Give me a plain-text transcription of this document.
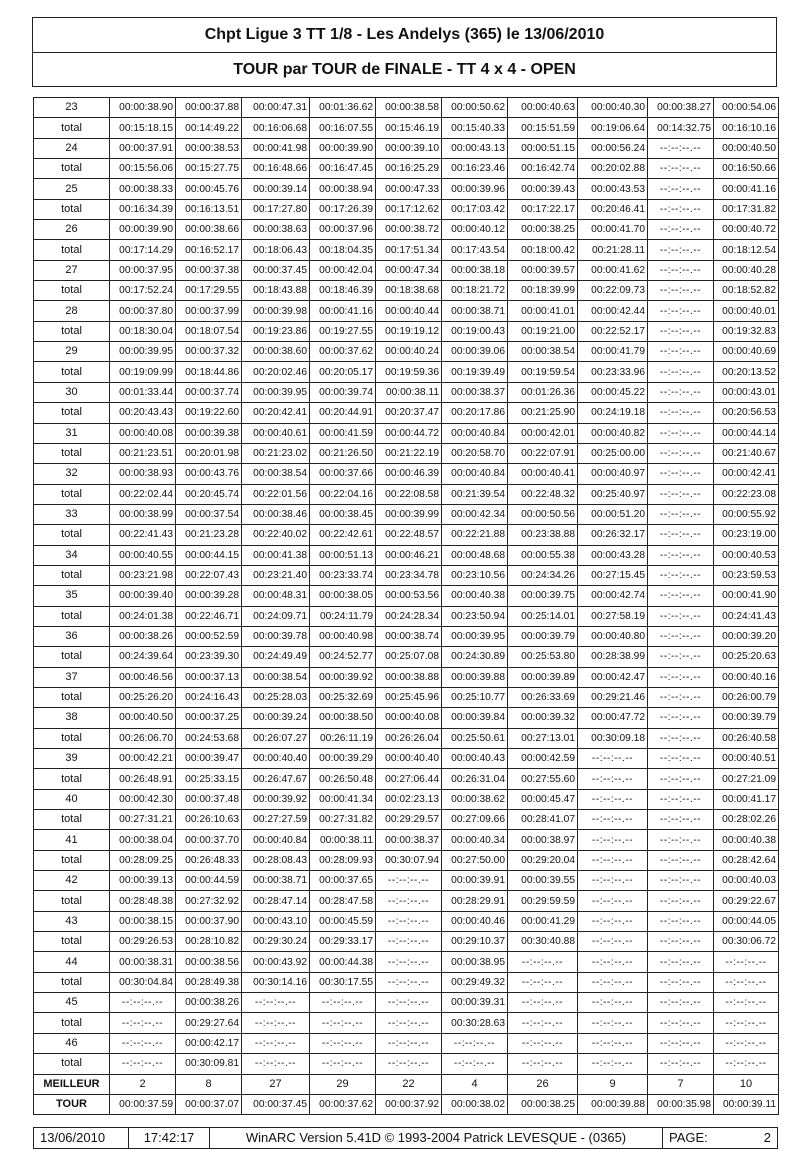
Chpt Ligue 3 TT 1/8 - Les Andelys (365) le 13/06/2010
TOUR par TOUR de FINALE - TT 4 x 4 - OPEN
23	00:00:38.90	00:00:37.88	00:00:47.31	00:01:36.62	00:00:38.58	00:00:50.62	00:00:40.63	00:00:40.30	00:00:38.27	00:00:54.06
total	00:15:18.15	00:14:49.22	00:16:06.68	00:16:07.55	00:15:46.19	00:15:40.33	00:15:51.59	00:19:06.64	00:14:32.75	00:16:10.16
24	00:00:37.91	00:00:38.53	00:00:41.98	00:00:39.90	00:00:39.10	00:00:43.13	00:00:51.15	00:00:56.24	--:--:--.--	00:00:40.50
total	00:15:56.06	00:15:27.75	00:16:48.66	00:16:47.45	00:16:25.29	00:16:23.46	00:16:42.74	00:20:02.88	--:--:--.--	00:16:50.66
25	00:00:38.33	00:00:45.76	00:00:39.14	00:00:38.94	00:00:47.33	00:00:39.96	00:00:39.43	00:00:43.53	--:--:--.--	00:00:41.16
total	00:16:34.39	00:16:13.51	00:17:27.80	00:17:26.39	00:17:12.62	00:17:03.42	00:17:22.17	00:20:46.41	--:--:--.--	00:17:31.82
26	00:00:39.90	00:00:38.66	00:00:38.63	00:00:37.96	00:00:38.72	00:00:40.12	00:00:38.25	00:00:41.70	--:--:--.--	00:00:40.72
total	00:17:14.29	00:16:52.17	00:18:06.43	00:18:04.35	00:17:51.34	00:17:43.54	00:18:00.42	00:21:28.11	--:--:--.--	00:18:12.54
27	00:00:37.95	00:00:37.38	00:00:37.45	00:00:42.04	00:00:47.34	00:00:38.18	00:00:39.57	00:00:41.62	--:--:--.--	00:00:40.28
total	00:17:52.24	00:17:29.55	00:18:43.88	00:18:46.39	00:18:38.68	00:18:21.72	00:18:39.99	00:22:09.73	--:--:--.--	00:18:52.82
28	00:00:37.80	00:00:37.99	00:00:39.98	00:00:41.16	00:00:40.44	00:00:38.71	00:00:41.01	00:00:42.44	--:--:--.--	00:00:40.01
total	00:18:30.04	00:18:07.54	00:19:23.86	00:19:27.55	00:19:19.12	00:19:00.43	00:19:21.00	00:22:52.17	--:--:--.--	00:19:32.83
29	00:00:39.95	00:00:37.32	00:00:38.60	00:00:37.62	00:00:40.24	00:00:39.06	00:00:38.54	00:00:41.79	--:--:--.--	00:00:40.69
total	00:19:09.99	00:18:44.86	00:20:02.46	00:20:05.17	00:19:59.36	00:19:39.49	00:19:59.54	00:23:33.96	--:--:--.--	00:20:13.52
30	00:01:33.44	00:00:37.74	00:00:39.95	00:00:39.74	00:00:38.11	00:00:38.37	00:01:26.36	00:00:45.22	--:--:--.--	00:00:43.01
total	00:20:43.43	00:19:22.60	00:20:42.41	00:20:44.91	00:20:37.47	00:20:17.86	00:21:25.90	00:24:19.18	--:--:--.--	00:20:56.53
31	00:00:40.08	00:00:39.38	00:00:40.61	00:00:41.59	00:00:44.72	00:00:40.84	00:00:42.01	00:00:40.82	--:--:--.--	00:00:44.14
total	00:21:23.51	00:20:01.98	00:21:23.02	00:21:26.50	00:21:22.19	00:20:58.70	00:22:07.91	00:25:00.00	--:--:--.--	00:21:40.67
32	00:00:38.93	00:00:43.76	00:00:38.54	00:00:37.66	00:00:46.39	00:00:40.84	00:00:40.41	00:00:40.97	--:--:--.--	00:00:42.41
total	00:22:02.44	00:20:45.74	00:22:01.56	00:22:04.16	00:22:08.58	00:21:39.54	00:22:48.32	00:25:40.97	--:--:--.--	00:22:23.08
33	00:00:38.99	00:00:37.54	00:00:38.46	00:00:38.45	00:00:39.99	00:00:42.34	00:00:50.56	00:00:51.20	--:--:--.--	00:00:55.92
total	00:22:41.43	00:21:23.28	00:22:40.02	00:22:42.61	00:22:48.57	00:22:21.88	00:23:38.88	00:26:32.17	--:--:--.--	00:23:19.00
34	00:00:40.55	00:00:44.15	00:00:41.38	00:00:51.13	00:00:46.21	00:00:48.68	00:00:55.38	00:00:43.28	--:--:--.--	00:00:40.53
total	00:23:21.98	00:22:07.43	00:23:21.40	00:23:33.74	00:23:34.78	00:23:10.56	00:24:34.26	00:27:15.45	--:--:--.--	00:23:59.53
35	00:00:39.40	00:00:39.28	00:00:48.31	00:00:38.05	00:00:53.56	00:00:40.38	00:00:39.75	00:00:42.74	--:--:--.--	00:00:41.90
total	00:24:01.38	00:22:46.71	00:24:09.71	00:24:11.79	00:24:28.34	00:23:50.94	00:25:14.01	00:27:58.19	--:--:--.--	00:24:41.43
36	00:00:38.26	00:00:52.59	00:00:39.78	00:00:40.98	00:00:38.74	00:00:39.95	00:00:39.79	00:00:40.80	--:--:--.--	00:00:39.20
total	00:24:39.64	00:23:39.30	00:24:49.49	00:24:52.77	00:25:07.08	00:24:30.89	00:25:53.80	00:28:38.99	--:--:--.--	00:25:20.63
37	00:00:46.56	00:00:37.13	00:00:38.54	00:00:39.92	00:00:38.88	00:00:39.88	00:00:39.89	00:00:42.47	--:--:--.--	00:00:40.16
total	00:25:26.20	00:24:16.43	00:25:28.03	00:25:32.69	00:25:45.96	00:25:10.77	00:26:33.69	00:29:21.46	--:--:--.--	00:26:00.79
38	00:00:40.50	00:00:37.25	00:00:39.24	00:00:38.50	00:00:40.08	00:00:39.84	00:00:39.32	00:00:47.72	--:--:--.--	00:00:39.79
total	00:26:06.70	00:24:53.68	00:26:07.27	00:26:11.19	00:26:26.04	00:25:50.61	00:27:13.01	00:30:09.18	--:--:--.--	00:26:40.58
39	00:00:42.21	00:00:39.47	00:00:40.40	00:00:39.29	00:00:40.40	00:00:40.43	00:00:42.59	--:--:--.--	--:--:--.--	00:00:40.51
total	00:26:48.91	00:25:33.15	00:26:47.67	00:26:50.48	00:27:06.44	00:26:31.04	00:27:55.60	--:--:--.--	--:--:--.--	00:27:21.09
40	00:00:42.30	00:00:37.48	00:00:39.92	00:00:41.34	00:02:23.13	00:00:38.62	00:00:45.47	--:--:--.--	--:--:--.--	00:00:41.17
total	00:27:31.21	00:26:10.63	00:27:27.59	00:27:31.82	00:29:29.57	00:27:09.66	00:28:41.07	--:--:--.--	--:--:--.--	00:28:02.26
41	00:00:38.04	00:00:37.70	00:00:40.84	00:00:38.11	00:00:38.37	00:00:40.34	00:00:38.97	--:--:--.--	--:--:--.--	00:00:40.38
total	00:28:09.25	00:26:48.33	00:28:08.43	00:28:09.93	00:30:07.94	00:27:50.00	00:29:20.04	--:--:--.--	--:--:--.--	00:28:42.64
42	00:00:39.13	00:00:44.59	00:00:38.71	00:00:37.65	--:--:--.--	00:00:39.91	00:00:39.55	--:--:--.--	--:--:--.--	00:00:40.03
total	00:28:48.38	00:27:32.92	00:28:47.14	00:28:47.58	--:--:--.--	00:28:29.91	00:29:59.59	--:--:--.--	--:--:--.--	00:29:22.67
43	00:00:38.15	00:00:37.90	00:00:43.10	00:00:45.59	--:--:--.--	00:00:40.46	00:00:41.29	--:--:--.--	--:--:--.--	00:00:44.05
total	00:29:26.53	00:28:10.82	00:29:30.24	00:29:33.17	--:--:--.--	00:29:10.37	00:30:40.88	--:--:--.--	--:--:--.--	00:30:06.72
44	00:00:38.31	00:00:38.56	00:00:43.92	00:00:44.38	--:--:--.--	00:00:38.95	--:--:--.--	--:--:--.--	--:--:--.--	--:--:--.--
total	00:30:04.84	00:28:49.38	00:30:14.16	00:30:17.55	--:--:--.--	00:29:49.32	--:--:--.--	--:--:--.--	--:--:--.--	--:--:--.--
45	--:--:--.--	00:00:38.26	--:--:--.--	--:--:--.--	--:--:--.--	00:00:39.31	--:--:--.--	--:--:--.--	--:--:--.--	--:--:--.--
total	--:--:--.--	00:29:27.64	--:--:--.--	--:--:--.--	--:--:--.--	00:30:28.63	--:--:--.--	--:--:--.--	--:--:--.--	--:--:--.--
46	--:--:--.--	00:00:42.17	--:--:--.--	--:--:--.--	--:--:--.--	--:--:--.--	--:--:--.--	--:--:--.--	--:--:--.--	--:--:--.--
total	--:--:--.--	00:30:09.81	--:--:--.--	--:--:--.--	--:--:--.--	--:--:--.--	--:--:--.--	--:--:--.--	--:--:--.--	--:--:--.--
MEILLEUR	2	8	27	29	22	4	26	9	7	10
TOUR	00:00:37.59	00:00:37.07	00:00:37.45	00:00:37.62	00:00:37.92	00:00:38.02	00:00:38.25	00:00:39.88	00:00:35.98	00:00:39.11
13/06/2010	17:42:17	WinARC Version 5.41D © 1993-2004 Patrick LEVESQUE - (0365)	PAGE:	2
